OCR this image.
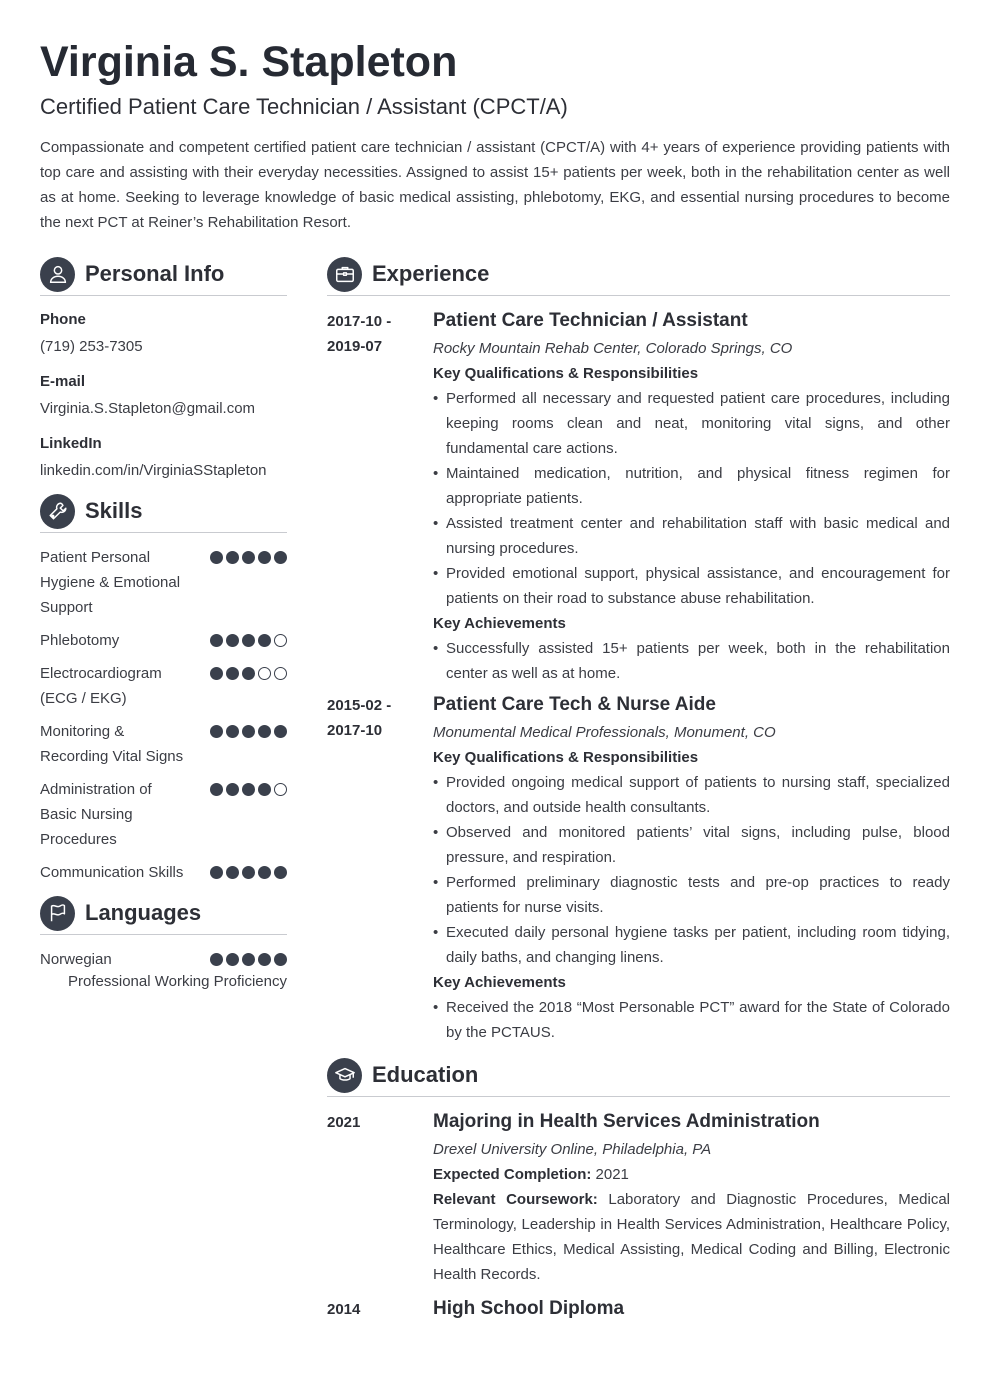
Virginia S. Stapleton

Certified Patient Care Technician / Assistant (CPCT/A)

Compassionate and competent certified patient care technician / assistant (CPCT/A) with 4+ years of experience providing patients with top care and assisting with their everyday necessities. Assigned to assist 15+ patients per week, both in the rehabilitation center as well as at home. Seeking to leverage knowledge of basic medical assisting, phlebotomy, EKG, and essential nursing procedures to become the next PCT at Reiner’s Rehabilitation Resort.

Personal Info
Phone
(719) 253-7305
E-mail
Virginia.S.Stapleton@gmail.com
LinkedIn
linkedin.com/in/VirginiaSStapleton
Skills
Patient Personal Hygiene & Emotional Support
Phlebotomy
Electrocardiogram (ECG / EKG)
Monitoring & Recording Vital Signs
Administration of Basic Nursing Procedures
Communication Skills
Languages
Norwegian
Professional Working Proficiency
Experience
2017-10 -
2019-07
Patient Care Technician / Assistant
Rocky Mountain Rehab Center, Colorado Springs, CO
Key Qualifications & Responsibilities
• Performed all necessary and requested patient care procedures, including keeping rooms clean and neat, monitoring vital signs, and other fundamental care actions.
• Maintained medication, nutrition, and physical fitness regimen for appropriate patients.
• Assisted treatment center and rehabilitation staff with basic medical and nursing procedures.
• Provided emotional support, physical assistance, and encouragement for patients on their road to substance abuse rehabilitation.
Key Achievements
• Successfully assisted 15+ patients per week, both in the rehabilitation center as well as at home.
2015-02 -
2017-10
Patient Care Tech & Nurse Aide
Monumental Medical Professionals, Monument, CO
Key Qualifications & Responsibilities
• Provided ongoing medical support of patients to nursing staff, specialized doctors, and outside health consultants.
• Observed and monitored patients’ vital signs, including pulse, blood pressure, and respiration.
• Performed preliminary diagnostic tests and pre-op practices to ready patients for nurse visits.
• Executed daily personal hygiene tasks per patient, including room tidying, daily baths, and changing linens.
Key Achievements
• Received the 2018 “Most Personable PCT” award for the State of Colorado by the PCTAUS.
Education
2021	Majoring in Health Services Administration
Drexel University Online, Philadelphia, PA
Expected Completion: 2021
Relevant Coursework: Laboratory and Diagnostic Procedures, Medical Terminology, Leadership in Health Services Administration, Healthcare Policy, Healthcare Ethics, Medical Assisting, Medical Coding and Billing, Electronic Health Records.
2014	High School Diploma
